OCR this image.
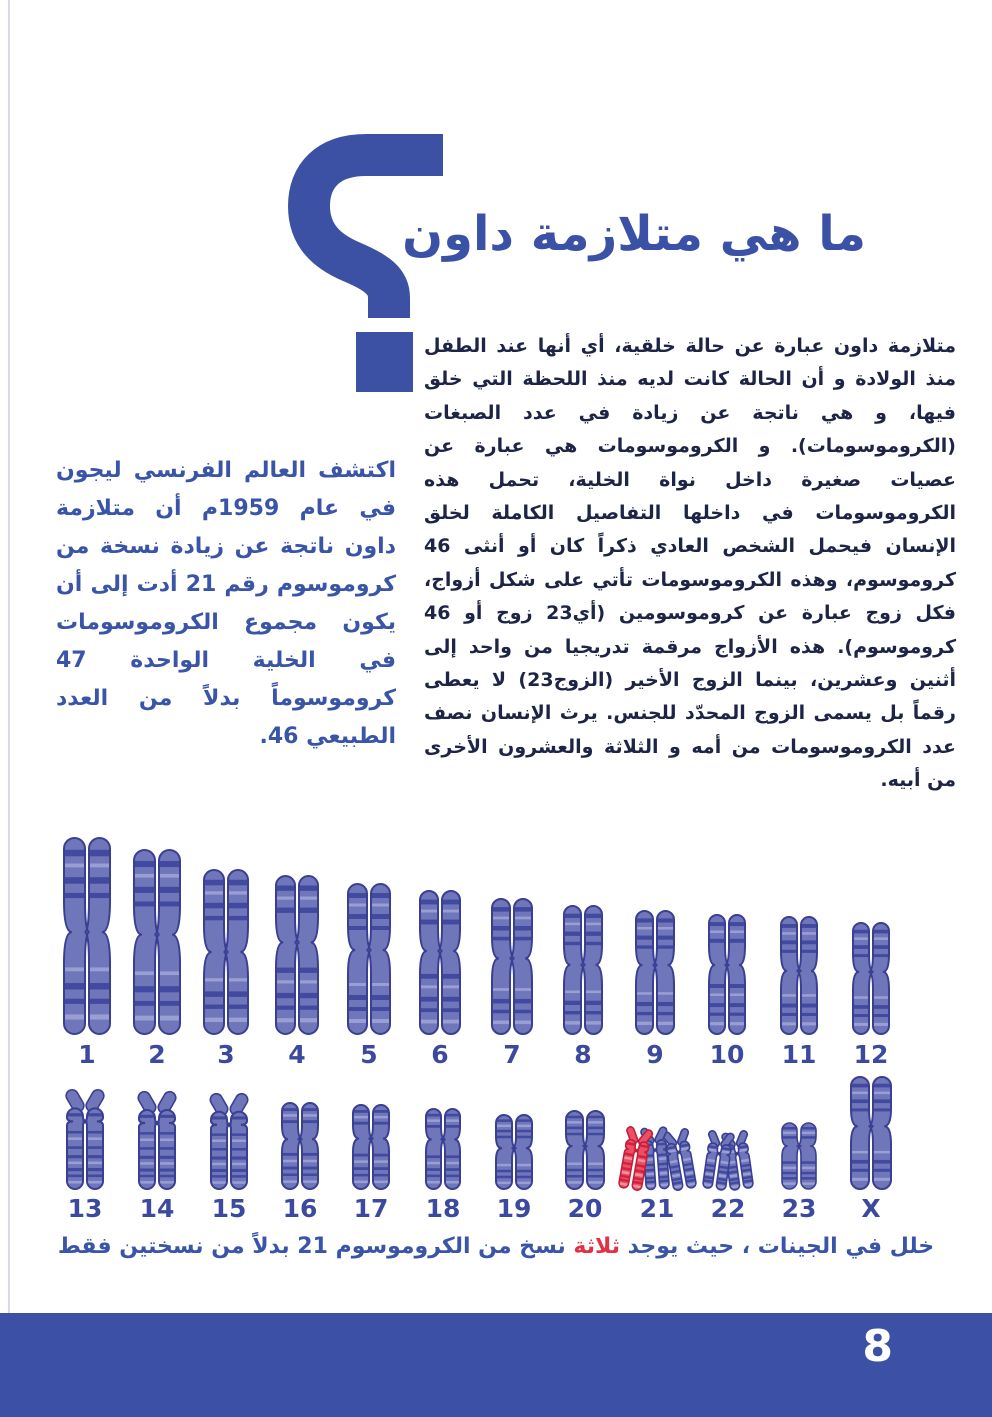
ما هي متلازمة داون

متلازمة داون عبارة عن حالة خلقية، أي أنها عند الطفل منذ الولادة و أن الحالة كانت لديه منذ اللحظة التي خلق فيها، و هي ناتجة عن زيادة في عدد الصبغات (الكروموسومات). و الكروموسومات هي عبارة عن عصيات صغيرة داخل نواة الخلية، تحمل هذه الكروموسومات في داخلها التفاصيل الكاملة لخلق الإنسان فيحمل الشخص العادي ذكراً كان أو أنثى 46 كروموسوم، وهذه الكروموسومات تأتي على شكل أزواج، فكل زوج عبارة عن كروموسومين (أي23 زوج أو 46 كروموسوم). هذه الأزواج مرقمة تدريجيا من واحد إلى أثنين وعشرين، بينما الزوج الأخير (الزوج23) لا يعطى رقماً بل يسمى الزوج المحدّد للجنس. يرث الإنسان نصف عدد الكروموسومات من أمه و الثلاثة والعشرون الأخرى من أبيه.

اكتشف العالم الفرنسي ليجون في عام 1959م أن متلازمة داون ناتجة عن زيادة نسخة من كروموسوم رقم 21 أدت إلى أن يكون مجموع الكروموسومات في الخلية الواحدة 47 كروموسوماً بدلاً من العدد الطبيعي 46.

1	2	3	4	5	6	7	8	9	10	11	12
13	14	15	16	17	18	19	20	21	22	23	X

خلل في الجينات ، حيث يوجد ثلاثة نسخ من الكروموسوم 21 بدلاً من نسختين فقط

8
